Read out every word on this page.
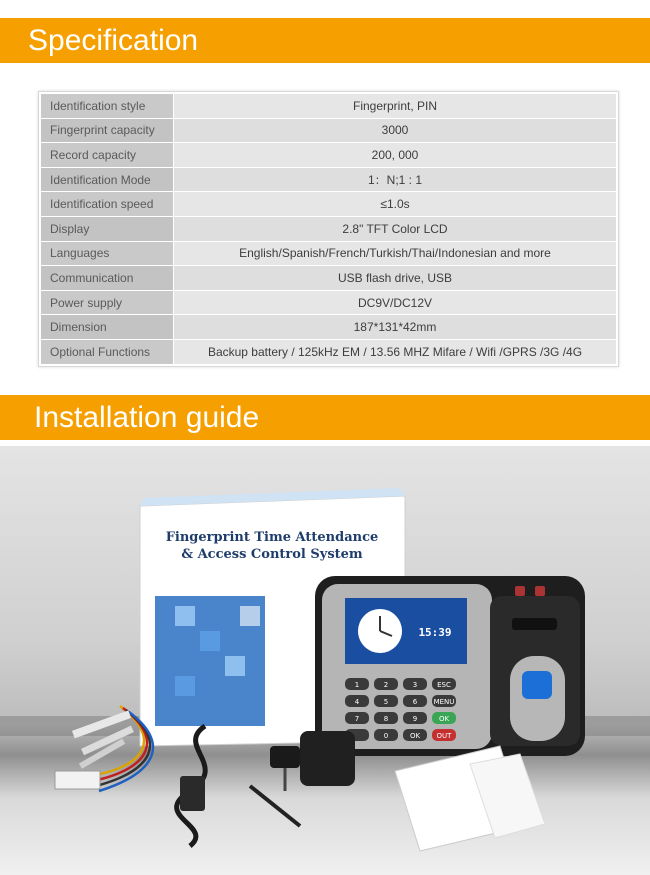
Specification
Identification style	Fingerprint, PIN
Fingerprint capacity	3000
Record capacity	200, 000
Identification Mode	1：N;1 : 1
Identification speed	≤1.0s
Display	2.8" TFT Color LCD
Languages	English/Spanish/French/Turkish/Thai/Indonesian and more
Communication	USB flash drive, USB
Power supply	DC9V/DC12V
Dimension	187*131*42mm
Optional Functions	Backup battery / 125kHz EM / 13.56 MHZ Mifare / Wifi /GPRS /3G /4G
Installation guide
Fingerprint Time Attendance
& Access Control System
15:39
1	2	3	ESC
4	5	6 MENU
7	8	9	OK
0	OK OUT
